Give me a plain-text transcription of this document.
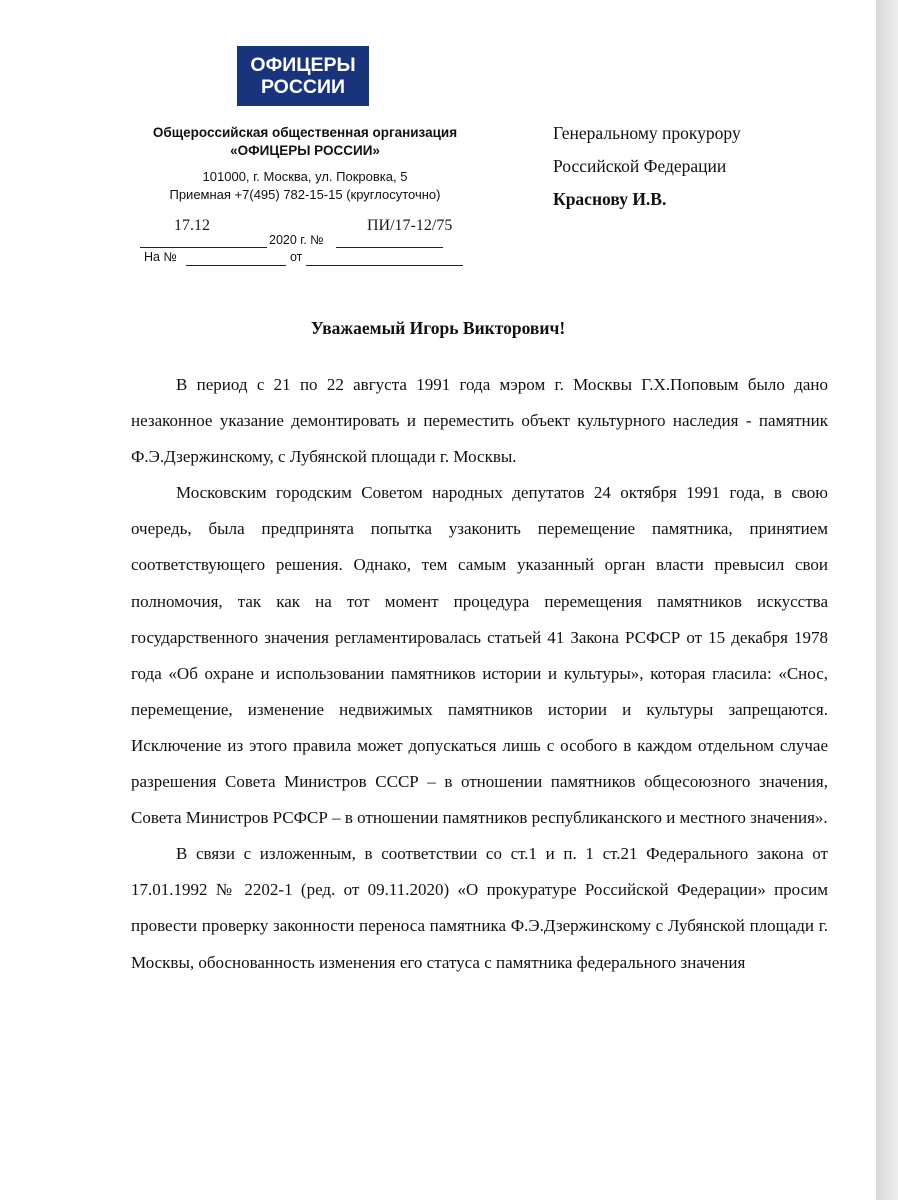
ОФИЦЕРЫ
РОССИИ
Общероссийская общественная организация
«ОФИЦЕРЫ РОССИИ»
101000, г. Москва, ул. Покровка, 5
Приемная +7(495) 782-15-15 (круглосуточно)
17.12
2020 г. №
ПИ/17-12/75
На №	от
Генеральному прокурору
Российской Федерации
Краснову И.В.
Уважаемый Игорь Викторович!

В период с 21 по 22 августа 1991 года мэром г. Москвы Г.Х.Поповым было дано незаконное указание демонтировать и переместить объект культурного наследия - памятник Ф.Э.Дзержинскому, с Лубянской площади г. Москвы.

Московским городским Советом народных депутатов 24 октября 1991 года, в свою очередь, была предпринята попытка узаконить перемещение памятника, принятием соответствующего решения. Однако, тем самым указанный орган власти превысил свои полномочия, так как на тот момент процедура перемещения памятников искусства государственного значения регламентировалась статьей 41 Закона РСФСР от 15 декабря 1978 года «Об охране и использовании памятников истории и культуры», которая гласила: «Снос, перемещение, изменение недвижимых памятников истории и культуры запрещаются. Исключение из этого правила может допускаться лишь с особого в каждом отдельном случае разрешения Совета Министров СССР – в отношении памятников общесоюзного значения, Совета Министров РСФСР – в отношении памятников республиканского и местного значения».

В связи с изложенным, в соответствии со ст.1 и п. 1 ст.21 Федерального закона от 17.01.1992 № 2202-1 (ред. от 09.11.2020) «О прокуратуре Российской Федерации» просим провести проверку законности переноса памятника Ф.Э.Дзержинскому с Лубянской площади г. Москвы, обоснованность изменения его статуса с памятника федерального значения
